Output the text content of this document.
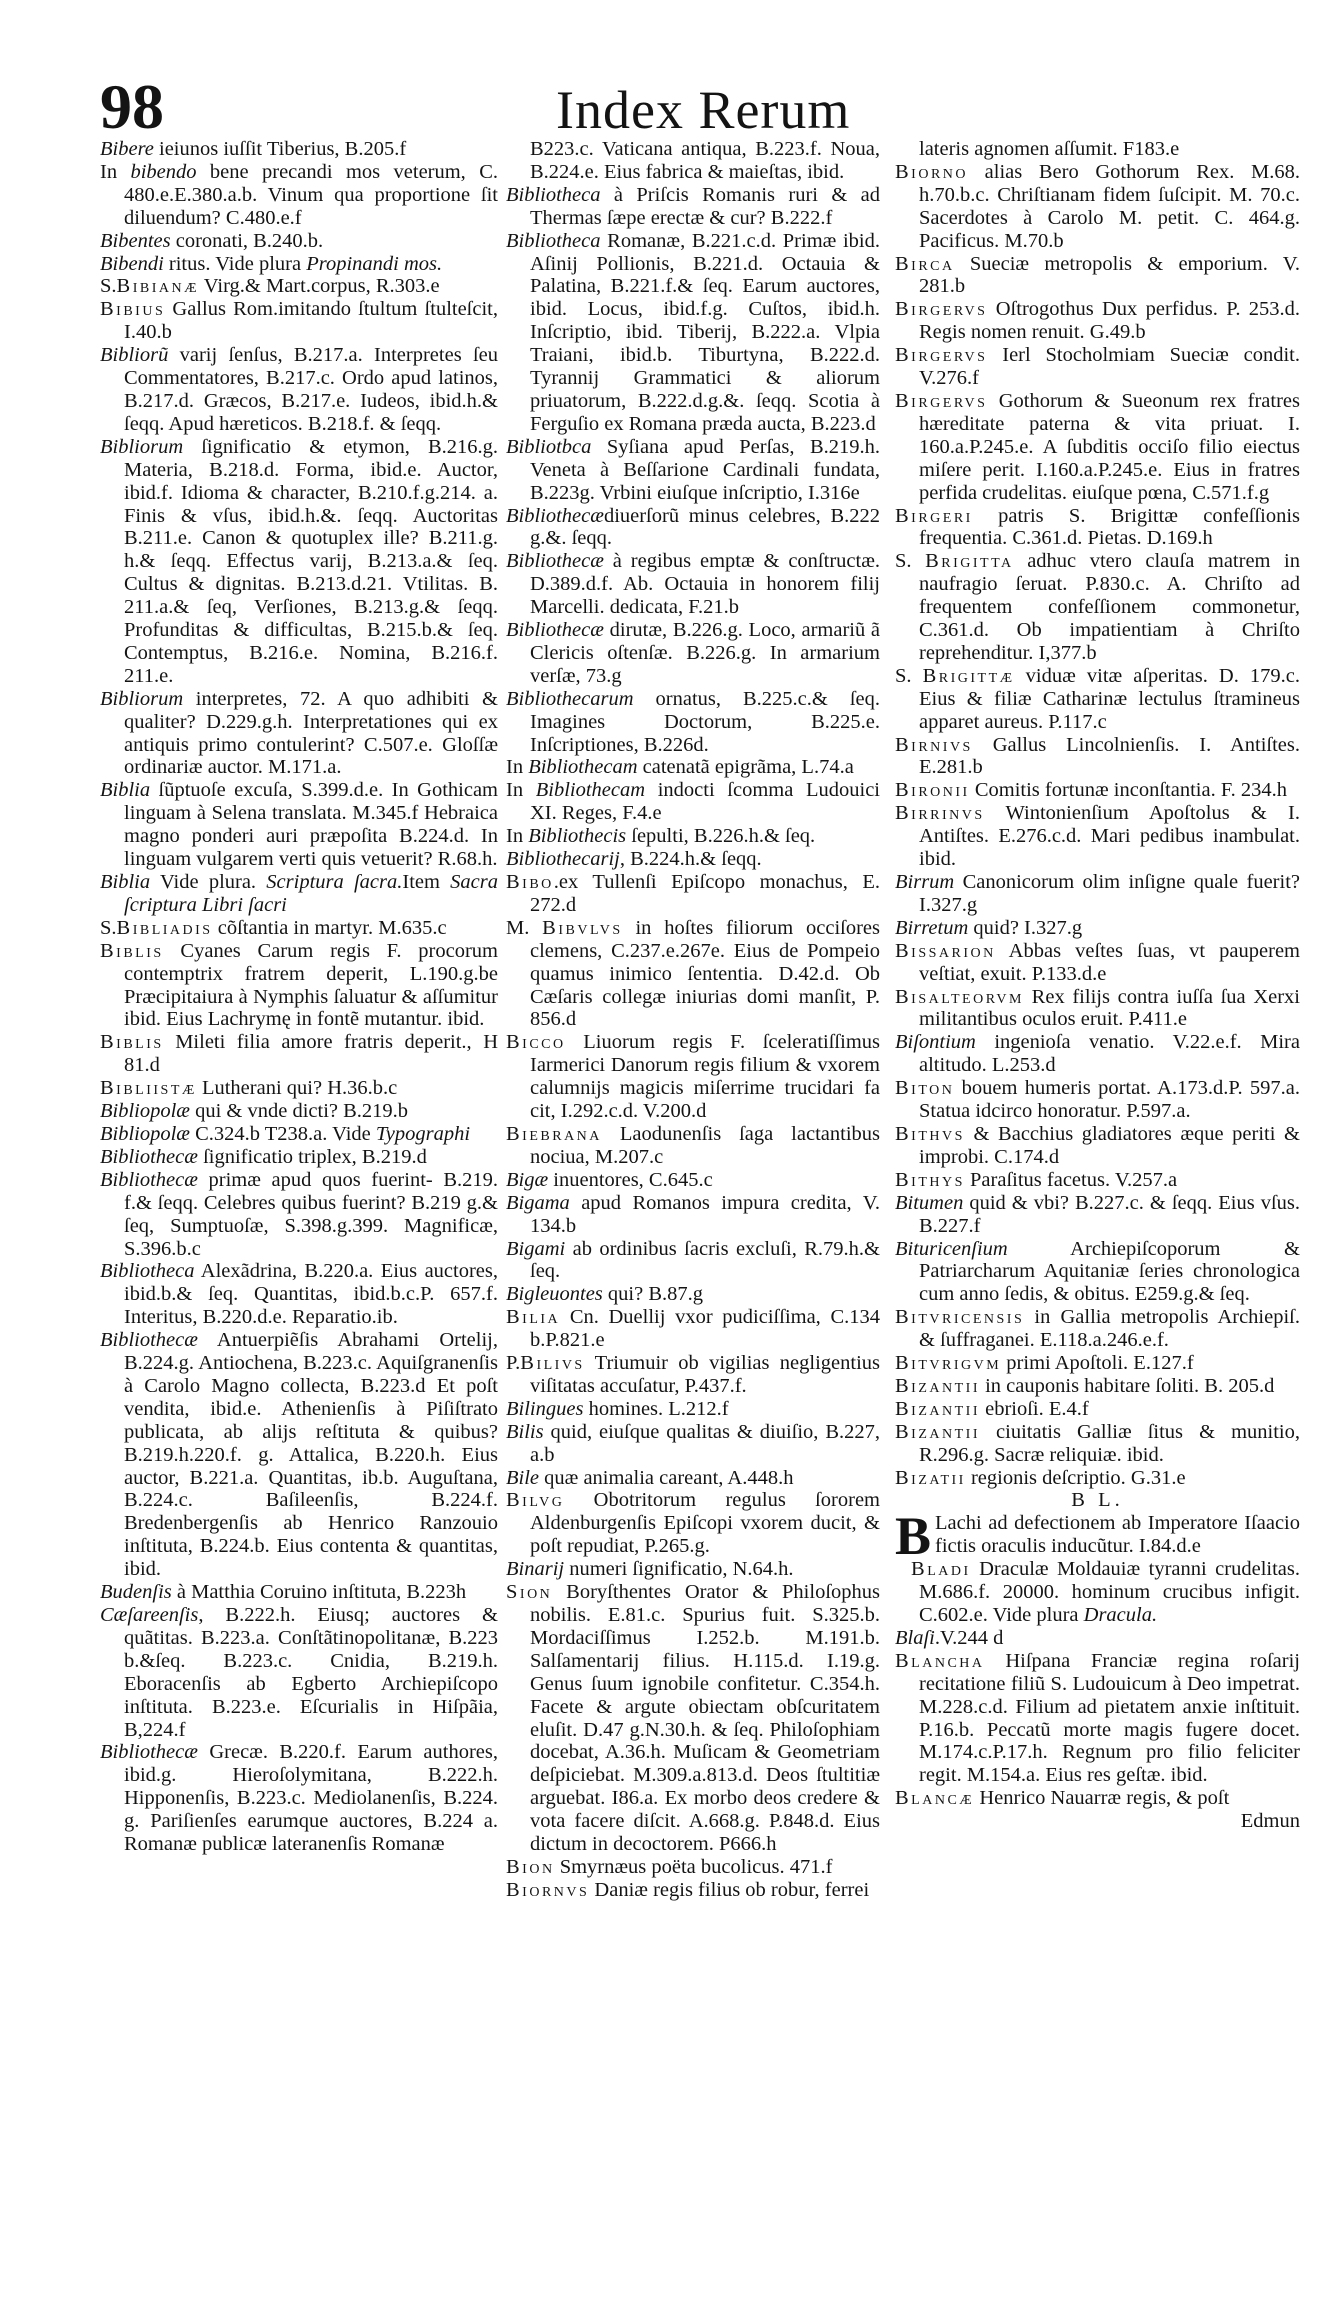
98	Index Rerum
Bibere ieiunos iuſſit Tiberius, B.205.f
In bibendo bene precandi mos veterum, C. 480.e.E.380.a.b. Vinum qua proportione ſit diluendum? C.480.e.f
Bibentes coronati, B.240.b.
Bibendi ritus. Vide plura Propinandi mos.
S.Bibianæ Virg.& Mart.corpus, R.303.e
Bibius Gallus Rom.imitando ſtultum ſtulteſcit, I.40.b
Bibliorũ varij ſenſus, B.217.a. Interpretes ſeu Commentatores, B.217.c. Ordo apud latinos, B.217.d. Græcos, B.217.e. Iudeos, ibid.h.& ſeqq. Apud hæreticos. B.218.f. & ſeqq.
Bibliorum ſignificatio & etymon, B.216.g. Materia, B.218.d. Forma, ibid.e. Auctor, ibid.f. Idioma & character, B.210.f.g.214. a. Finis & vſus, ibid.h.&. ſeqq. Auctoritas B.211.e. Canon & quotuplex ille? B.211.g. h.& ſeqq. Effectus varij, B.213.a.& ſeq. Cultus & dignitas. B.213.d.21. Vtilitas. B. 211.a.& ſeq, Verſiones, B.213.g.& ſeqq. Profunditas & difficultas, B.215.b.& ſeq. Contemptus, B.216.e. Nomina, B.216.f. 211.e.
Bibliorum interpretes, 72. A quo adhibiti & qualiter? D.229.g.h. Interpretationes qui ex antiquis primo contulerint? C.507.e. Gloſſæ ordinariæ auctor. M.171.a.
Biblia ſũptuoſe excuſa, S.399.d.e. In Gothicam linguam à Selena translata. M.345.f Hebraica magno ponderi auri præpoſita B.224.d. In linguam vulgarem verti quis vetuerit? R.68.h.
Biblia Vide plura. Scriptura ſacra.Item Sacra ſcriptura Libri ſacri
S.Bibliadis cõſtantia in martyr. M.635.c
Biblis Cyanes Carum regis F. procorum contemptrix fratrem deperit, L.190.g.be Præcipitaiura à Nymphis ſaluatur & aſſumitur ibid. Eius Lachrymę in fontẽ mutantur. ibid.
Biblis Mileti filia amore fratris deperit., H 81.d
Bibliistæ Lutherani qui? H.36.b.c
Bibliopolæ qui & vnde dicti? B.219.b
Bibliopolæ C.324.b T238.a. Vide Typographi
Bibliothecæ ſignificatio triplex, B.219.d
Bibliothecæ primæ apud quos fuerint- B.219. f.& ſeqq. Celebres quibus fuerint? B.219 g.& ſeq, Sumptuoſæ, S.398.g.399. Magnificæ, S.396.b.c
Bibliotheca Alexãdrina, B.220.a. Eius auctores, ibid.b.& ſeq. Quantitas, ibid.b.c.P. 657.f. Interitus, B.220.d.e. Reparatio.ib.
Bibliothecæ Antuerpiẽſis Abrahami Ortelij, B.224.g. Antiochena, B.223.c. Aquiſgranenſis à Carolo Magno collecta, B.223.d Et poſt vendita, ibid.e. Athenienſis à Piſiſtrato publicata, ab alijs reſtituta & quibus? B.219.h.220.f. g. Attalica, B.220.h. Eius auctor, B.221.a. Quantitas, ib.b. Auguſtana, B.224.c. Baſileenſis, B.224.f. Bredenbergenſis ab Henrico Ranzouio inſtituta, B.224.b. Eius contenta & quantitas, ibid.
Budenſis à Matthia Coruino inſtituta, B.223h
Cæſareenſis, B.222.h. Eiusq; auctores & quãtitas. B.223.a. Conſtãtinopolitanæ, B.223 b.&ſeq. B.223.c. Cnidia, B.219.h. Eboracenſis ab Egberto Archiepiſcopo inſtituta. B.223.e. Eſcurialis in Hiſpãia, B,224.f
Bibliothecæ Grecæ. B.220.f. Earum authores, ibid.g. Hieroſolymitana, B.222.h. Hipponenſis, B.223.c. Mediolanenſis, B.224. g. Pariſienſes earumque auctores, B.224 a. Romanæ publicæ lateranenſis Romanæ
B223.c. Vaticana antiqua, B.223.f. Noua, B.224.e. Eius fabrica & maieſtas, ibid.
Bibliotheca à Priſcis Romanis ruri & ad Thermas ſæpe erectæ & cur? B.222.f
Bibliotheca Romanæ, B.221.c.d. Primæ ibid. Aſinij Pollionis, B.221.d. Octauia & Palatina, B.221.f.& ſeq. Earum auctores, ibid. Locus, ibid.f.g. Cuſtos, ibid.h. Inſcriptio, ibid. Tiberij, B.222.a. Vlpia Traiani, ibid.b. Tiburtyna, B.222.d. Tyrannij Grammatici & aliorum priuatorum, B.222.d.g.&. ſeqq. Scotia à Ferguſio ex Romana præda aucta, B.223.d
Bibliotbca Syſiana apud Perſas, B.219.h. Veneta à Beſſarione Cardinali fundata, B.223g. Vrbini eiuſque inſcriptio, I.316e
Bibliothecædiuerſorũ minus celebres, B.222 g.&. ſeqq.
Bibliothecæ à regibus emptæ & conſtructæ. D.389.d.f. Ab. Octauia in honorem filij Marcelli. dedicata, F.21.b
Bibliothecæ dirutæ, B.226.g. Loco, armariũ ã Clericis oſtenſæ. B.226.g. In armarium verſæ, 73.g
Bibliothecarum ornatus, B.225.c.& ſeq. Imagines Doctorum, B.225.e. Inſcriptiones, B.226d.
In Bibliothecam catenatã epigrãma, L.74.a
In Bibliothecam indocti ſcomma Ludouici XI. Reges, F.4.e
In Bibliothecis ſepulti, B.226.h.& ſeq.
Bibliothecarij, B.224.h.& ſeqq.
Bibo.ex Tullenſi Epiſcopo monachus, E. 272.d
M. Bibvlvs in hoſtes filiorum occiſores clemens, C.237.e.267e. Eius de Pompeio quamus inimico ſententia. D.42.d. Ob Cæſaris collegæ iniurias domi manſit, P. 856.d
Bicco Liuorum regis F. ſceleratiſſimus Iarmerici Danorum regis filium & vxorem calumnijs magicis miſerrime trucidari fa cit, I.292.c.d. V.200.d
Biebrana Laodunenſis ſaga lactantibus nociua, M.207.c
Bigæ inuentores, C.645.c
Bigama apud Romanos impura credita, V. 134.b
Bigami ab ordinibus ſacris excluſi, R.79.h.& ſeq.
Bigleuontes qui? B.87.g
Bilia Cn. Duellij vxor pudiciſſima, C.134 b.P.821.e
P.Bilivs Triumuir ob vigilias negligentius viſitatas accuſatur, P.437.f.
Bilingues homines. L.212.f
Bilis quid, eiuſque qualitas & diuiſio, B.227, a.b
Bile quæ animalia careant, A.448.h
Bilvg Obotritorum regulus ſororem Aldenburgenſis Epiſcopi vxorem ducit, & poſt repudiat, P.265.g.
Binarij numeri ſignificatio, N.64.h.
Sion Boryſthentes Orator & Philoſophus nobilis. E.81.c. Spurius fuit. S.325.b. Mordaciſſimus I.252.b. M.191.b. Salſamentarij filius. H.115.d. I.19.g. Genus ſuum ignobile confitetur. C.354.h. Facete & argute obiectam obſcuritatem eluſit. D.47 g.N.30.h. & ſeq. Philoſophiam docebat, A.36.h. Muſicam & Geometriam deſpiciebat. M.309.a.813.d. Deos ſtultitiæ arguebat. I86.a. Ex morbo deos credere & vota facere diſcit. A.668.g. P.848.d. Eius dictum in decoctorem. P666.h
Bion Smyrnæus poëta bucolicus. 471.f
Biornvs Daniæ regis filius ob robur, ferrei
lateris agnomen aſſumit. F183.e
Biorno alias Bero Gothorum Rex. M.68. h.70.b.c. Chriſtianam fidem ſuſcipit. M. 70.c. Sacerdotes à Carolo M. petit. C. 464.g. Pacificus. M.70.b
Birca Sueciæ metropolis & emporium. V. 281.b
Birgervs Oſtrogothus Dux perfidus. P. 253.d. Regis nomen renuit. G.49.b
Birgervs Ierl Stocholmiam Sueciæ condit. V.276.f
Birgervs Gothorum & Sueonum rex fratres hæreditate paterna & vita priuat. I. 160.a.P.245.e. A ſubditis occiſo filio eiectus miſere perit. I.160.a.P.245.e. Eius in fratres perfida crudelitas. eiuſque pœna, C.571.f.g
Birgeri patris S. Brigittæ confeſſionis frequentia. C.361.d. Pietas. D.169.h
S. Brigitta adhuc vtero clauſa matrem in naufragio ſeruat. P.830.c. A. Chriſto ad frequentem confeſſionem commonetur, C.361.d. Ob impatientiam à Chriſto reprehenditur. I,377.b
S. Brigittæ viduæ vitæ aſperitas. D. 179.c. Eius & filiæ Catharinæ lectulus ſtramineus apparet aureus. P.117.c
Birnivs Gallus Lincolnienſis. I. Antiſtes. E.281.b
Bironii Comitis fortunæ inconſtantia. F. 234.h
Birrinvs Wintonienſium Apoſtolus & I. Antiſtes. E.276.c.d. Mari pedibus inambulat. ibid.
Birrum Canonicorum olim inſigne quale fuerit? I.327.g
Birretum quid? I.327.g
Bissarion Abbas veſtes ſuas, vt pauperem veſtiat, exuit. P.133.d.e
Bisalteorvm Rex filijs contra iuſſa ſua Xerxi militantibus oculos eruit. P.411.e
Biſontium ingenioſa venatio. V.22.e.f. Mira altitudo. L.253.d
Biton bouem humeris portat. A.173.d.P. 597.a. Statua idcirco honoratur. P.597.a.
Bithvs & Bacchius gladiatores æque periti & improbi. C.174.d
Bithys Paraſitus facetus. V.257.a
Bitumen quid & vbi? B.227.c. & ſeqq. Eius vſus. B.227.f
Bituricenſium Archiepiſcoporum & Patriarcharum Aquitaniæ ſeries chronologica cum anno ſedis, & obitus. E259.g.& ſeq.
Bitvricensis in Gallia metropolis Archiepiſ. & ſuffraganei. E.118.a.246.e.f.
Bitvrigvm primi Apoſtoli. E.127.f
Bizantii in cauponis habitare ſoliti. B. 205.d
Bizantii ebrioſi. E.4.f
Bizantii ciuitatis Galliæ ſitus & munitio, R.296.g. Sacræ reliquiæ. ibid.
Bizatii regionis deſcriptio. G.31.e
B L.
B Lachi ad defectionem ab Imperatore Iſaacio fictis oraculis inducũtur. I.84.d.e
Bladi Draculæ Moldauiæ tyranni crudelitas. M.686.f. 20000. hominum crucibus infigit. C.602.e. Vide plura Dracula.
Blaſi.V.244 d
Blancha Hiſpana Franciæ regina roſarij recitatione filiũ S. Ludouicum à Deo impetrat. M.228.c.d. Filium ad pietatem anxie inſtituit. P.16.b. Peccatũ morte magis fugere docet. M.174.c.P.17.h. Regnum pro filio feliciter regit. M.154.a. Eius res geſtæ. ibid.
Blancæ Henrico Nauarræ regis, & poſt
Edmun
